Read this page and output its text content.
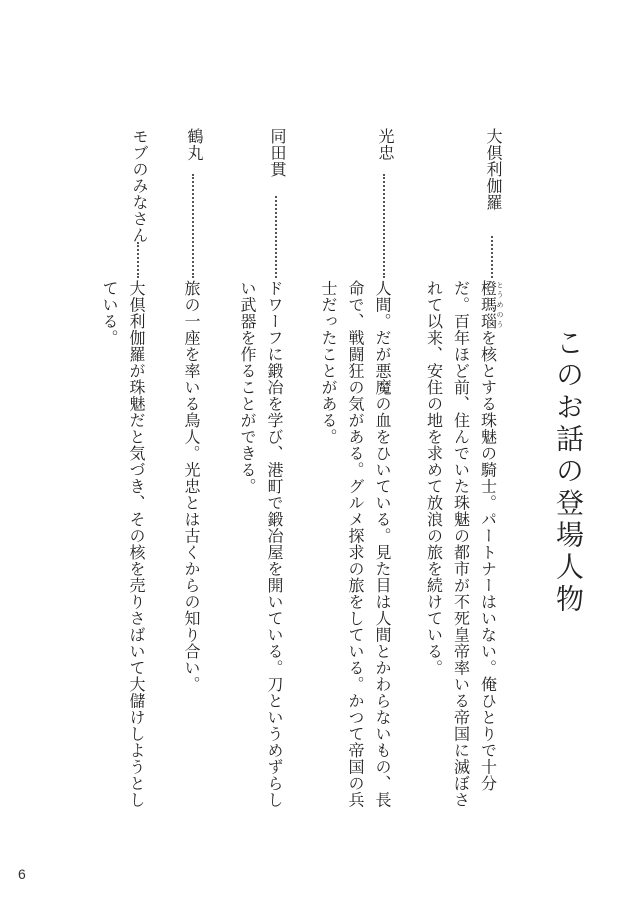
このお話の登場人物
大倶利伽羅
橙瑪瑙とうめのうを核とする珠魅の騎士。パートナーはいない。俺ひとりで十分だ。百年ほど前、住んでいた珠魅の都市が不死皇帝率いる帝国に滅ぼされて以来、安住の地を求めて放浪の旅を続けている。
光忠
人間。だが悪魔の血をひいている。見た目は人間とかわらないもの、長命で、戦闘狂の気がある。グルメ探求の旅をしている。かつて帝国の兵士だったことがある。
同田貫
ドワーフに鍛冶を学び、港町で鍛冶屋を開いている。刀というめずらしい武器を作ることができる。
鶴丸
旅の一座を率いる鳥人。光忠とは古くからの知り合い。
モブのみなさん
大倶利伽羅が珠魅だと気づき、その核を売りさばいて大儲けしようとしている。
6
